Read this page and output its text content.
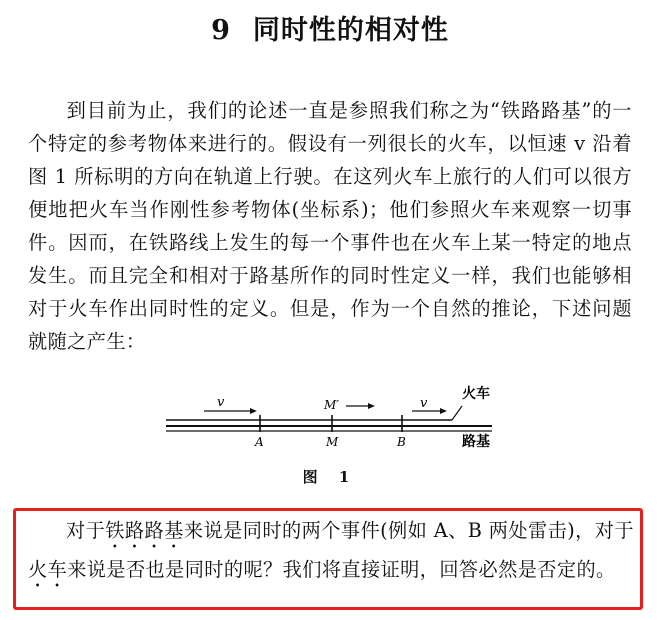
9 同时性的相对性

到目前为止，我们的论述一直是参照我们称之为“铁路路基”的一个特定的参考物体来进行的。假设有一列很长的火车，以恒速 v 沿着图 1 所标明的方向在轨道上行驶。在这列火车上旅行的人们可以很方便地把火车当作刚性参考物体(坐标系)；他们参照火车来观察一切事件。因而，在铁路线上发生的每一个事件也在火车上某一特定的地点发生。而且完全和相对于路基所作的同时性定义一样，我们也能够相对于火车作出同时性的定义。但是，作为一个自然的推论，下述问题就随之产生：

v	v
M′
A	M	B
火车
路基
图 1

对于铁路路基来说是同时的两个事件(例如 A、B 两处雷击)，对于火车来说是否也是同时的呢？我们将直接证明，回答必然是否定的。
